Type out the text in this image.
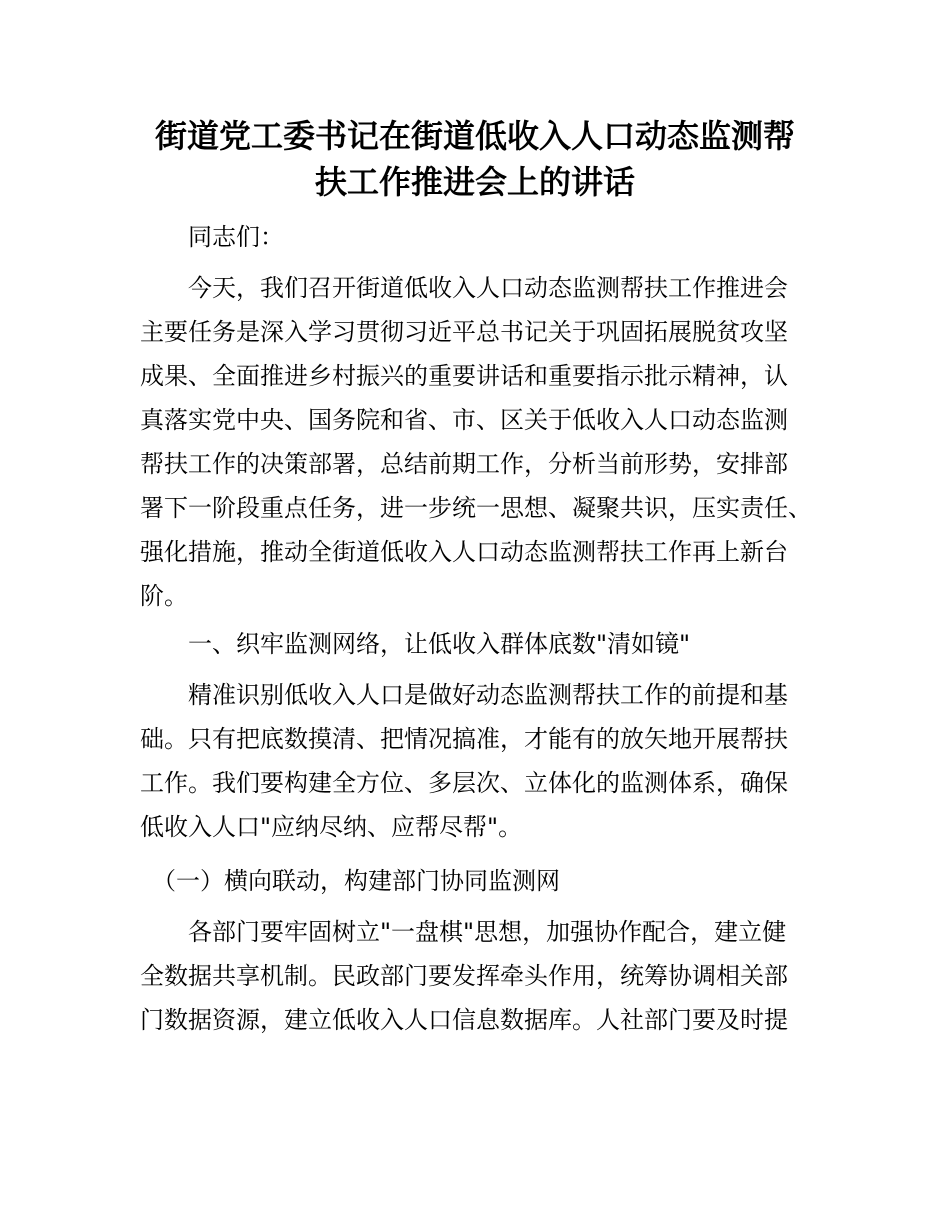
街道党工委书记在街道低收入人口动态监测帮
扶工作推进会上的讲话

　　同志们：

　　今天，我们召开街道低收入人口动态监测帮扶工作推进会

主要任务是深入学习贯彻习近平总书记关于巩固拓展脱贫攻坚

成果、全面推进乡村振兴的重要讲话和重要指示批示精神，认

真落实党中央、国务院和省、市、区关于低收入人口动态监测

帮扶工作的决策部署，总结前期工作，分析当前形势，安排部

署下一阶段重点任务，进一步统一思想、凝聚共识，压实责任、

强化措施，推动全街道低收入人口动态监测帮扶工作再上新台

阶。

　　一、织牢监测网络，让低收入群体底数"清如镜"

　　精准识别低收入人口是做好动态监测帮扶工作的前提和基

础。只有把底数摸清、把情况搞准，才能有的放矢地开展帮扶

工作。我们要构建全方位、多层次、立体化的监测体系，确保

低收入人口"应纳尽纳、应帮尽帮"。

　（一）横向联动，构建部门协同监测网

　　各部门要牢固树立"一盘棋"思想，加强协作配合，建立健

全数据共享机制。民政部门要发挥牵头作用，统筹协调相关部

门数据资源，建立低收入人口信息数据库。人社部门要及时提
